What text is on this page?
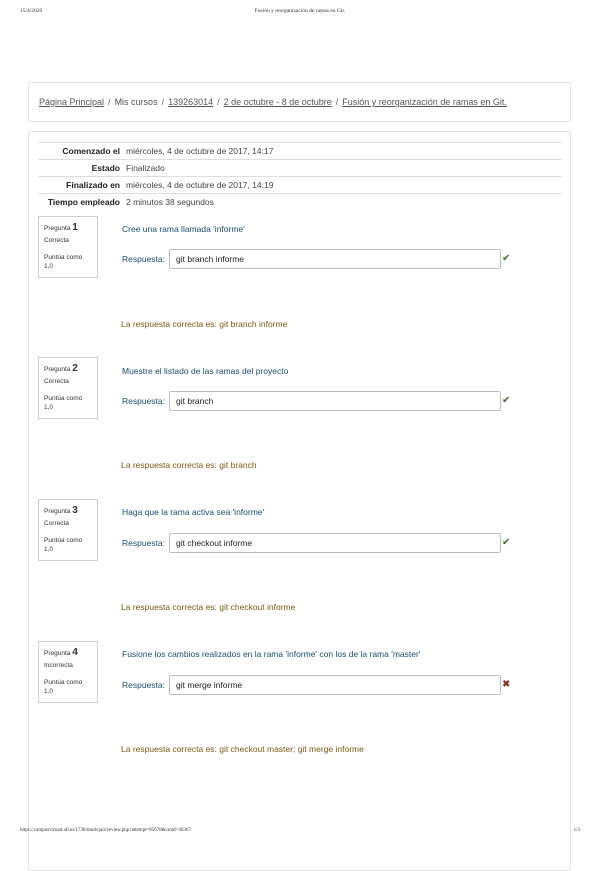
15/4/2020	Fusión y reorganización de ramas en Git.
Página Principal / Mis cursos / 139263014 / 2 de octubre - 8 de octubre / Fusión y reorganización de ramas en Git.
Comenzado el miércoles, 4 de octubre de 2017, 14:17
Estado Finalizado
Finalizado en miércoles, 4 de octubre de 2017, 14:19
Tiempo empleado 2 minutos 38 segundos
Pregunta 1
Correcta
Puntúa como 1,0
Cree una rama llamada 'informe'
Respuesta:	git branch informe	✔
La respuesta correcta es: git branch informe
Pregunta 2
Correcta
Puntúa como 1,0
Muestre el listado de las ramas del proyecto
Respuesta:	git branch	✔
La respuesta correcta es: git branch
Pregunta 3
Correcta
Puntúa como 1,0
Haga que la rama activa sea 'informe'
Respuesta:	git checkout informe	✔
La respuesta correcta es: git checkout informe
Pregunta 4
Incorrecta
Puntúa como 1,0
Fusione los cambios realizados en la rama 'informe' con los de la rama 'master'
Respuesta:	git merge informe	✖
La respuesta correcta es: git checkout master; git merge informe
https://campusvirtual.ull.es/1738/mod/quiz/review.php?attempt=85678&cmid=46367	1/3
